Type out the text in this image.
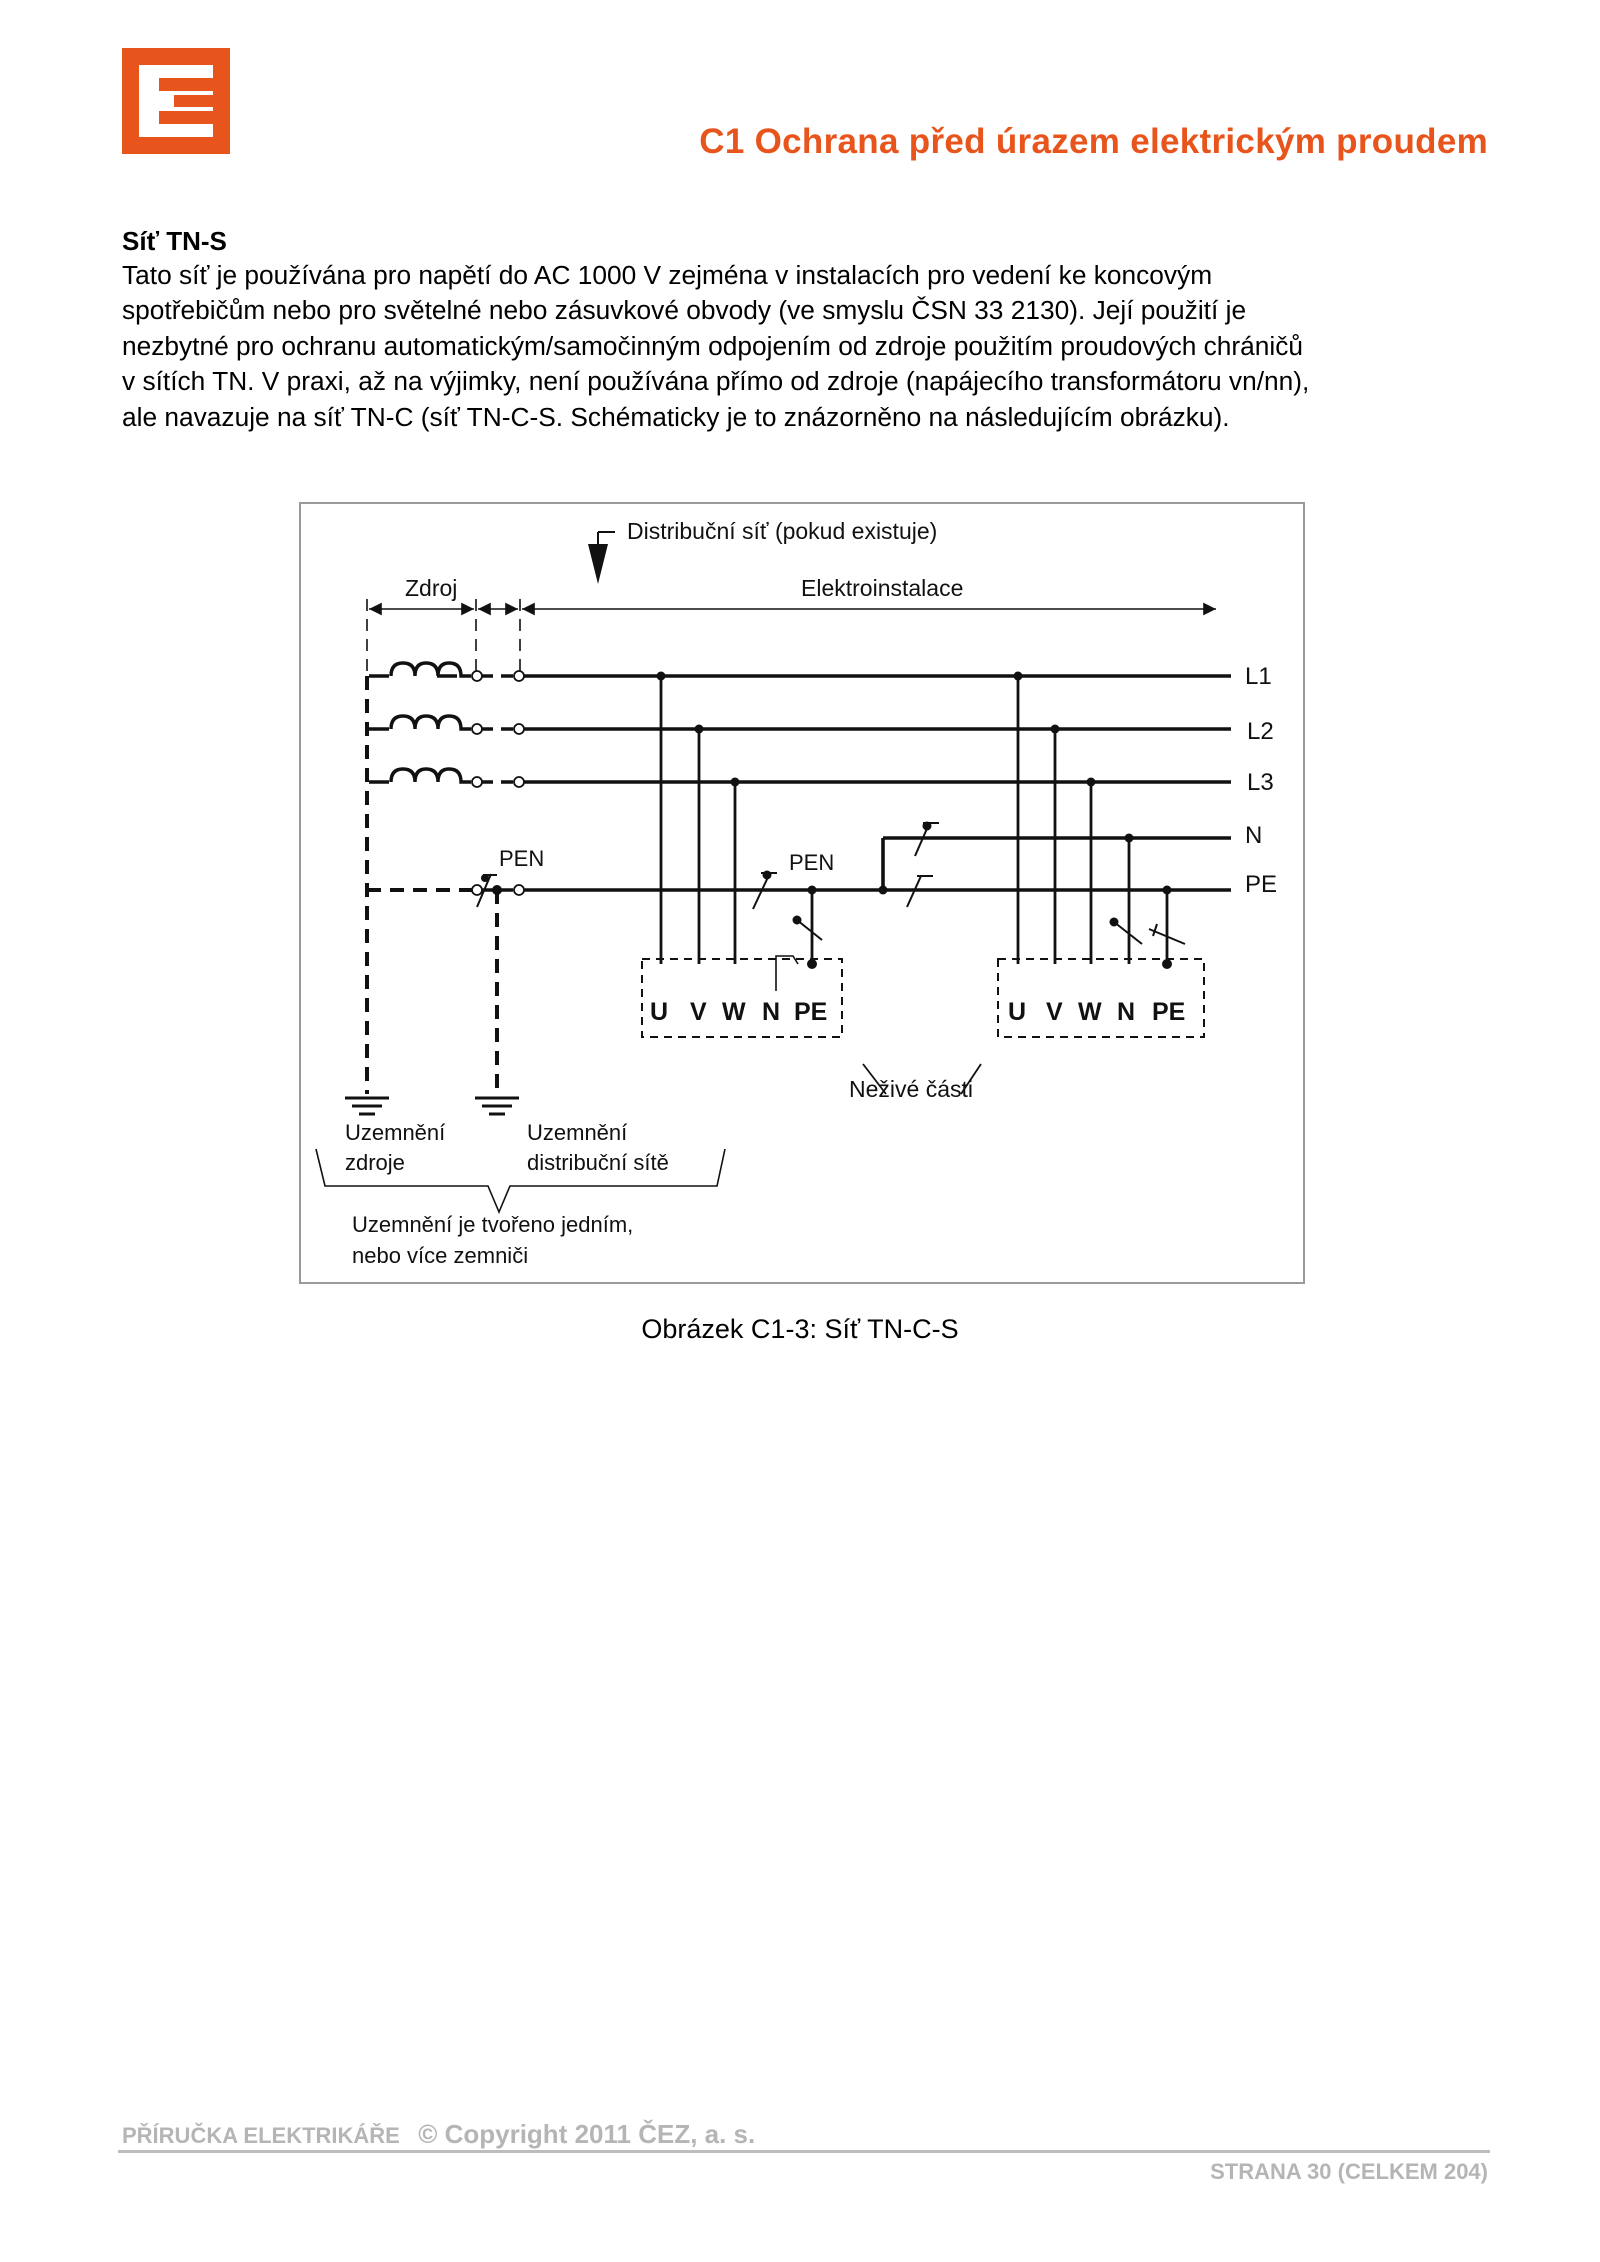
C1 Ochrana před úrazem elektrickým proudem
Síť TN-S

Tato síť je používána pro napětí do AC 1000 V zejména v instalacích pro vedení ke koncovým
spotřebičům nebo pro světelné nebo zásuvkové obvody (ve smyslu ČSN 33 2130). Její použití je
nezbytné pro ochranu automatickým/samočinným odpojením od zdroje použitím proudových chráničů
v sítích TN. V praxi, až na výjimky, není používána přímo od zdroje (napájecího transformátoru vn/nn),
ale navazuje na síť TN-C (síť TN-C-S. Schématicky je to znázorněno na následujícím obrázku).

Distribuční síť (pokud existuje)
Zdroj	Elektroinstalace
L1
L2
L3
N
PE
PEN	PEN
U V W N PE	U V W N PE
Neživé části
Uzemnění
zdroje
Uzemnění
distribuční sítě
Uzemnění je tvořeno jedním,
nebo více zemniči
Obrázek C1-3: Síť TN-C-S
PŘÍRUČKA ELEKTRIKÁŘE © Copyright 2011 ČEZ, a. s.
STRANA 30 (CELKEM 204)
